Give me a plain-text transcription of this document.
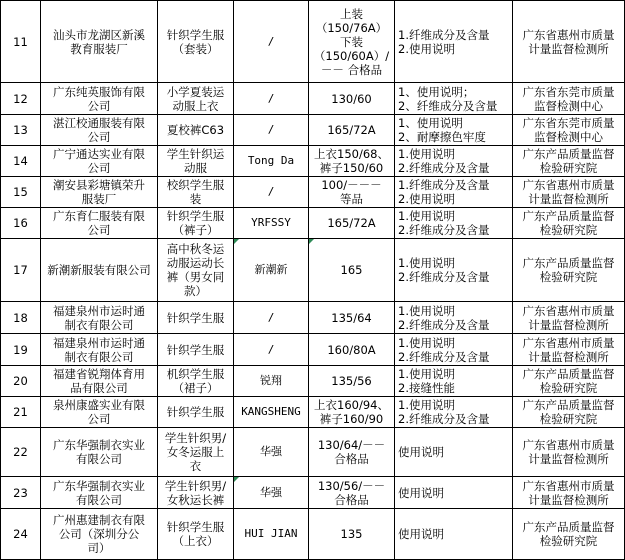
11	汕头市龙湖区新溪
教育服装厂	针织学生服
（套装）	/	上装
（150/76A）
下装
（150/60A）/
－－ 合格品	1.纤维成分及含量
2.使用说明	广东省惠州市质量
计量监督检测所
12	广东纯英服饰有限
公司	小学夏装运
动服上衣	/	130/60	1、使用说明；
2、纤维成分及含量	广东省东莞市质量
监督检测中心
13	湛江校通服装有限
公司	夏校裤C63	/	165/72A	1、使用说明
2、耐摩擦色牢度	广东省东莞市质量
监督检测中心
14	广宁通达实业有限
公司	学生针织运
动服	Tong Da	上衣150/68、
裤子150/60	1.使用说明
2.纤维成分及含量	广东产品质量监督
检验研究院
15	潮安县彩塘镇荣升
服装厂	校织学生服
装	/	100/－－－
等品	1.纤维成分及含量
2.使用说明	广东省惠州市质量
计量监督检测所
16	广东育仁服装有限
公司	针织学生服
（裤子）	YRFSSY	165/72A	1.使用说明
2.纤维成分及含量	广东产品质量监督
检验研究院
17	新潮新服装有限公司	高中秋冬运
动服运动长
裤（男女同
款）	新潮新	165	1.使用说明
2.纤维成分及含量	广东产品质量监督
检验研究院
18	福建泉州市运时通
制衣有限公司	针织学生服	/	135/64	1.使用说明
2.纤维成分及含量	广东省惠州市质量
计量监督检测所
19	福建泉州市运时通
制衣有限公司	针织学生服	/	160/80A	1.使用说明
2.纤维成分及含量	广东省惠州市质量
计量监督检测所
20	福建省锐翔体育用
品有限公司	机织学生服
（裙子）	锐翔	135/56	1.使用说明
2.接缝性能	广东产品质量监督
检验研究院
21	泉州康盛实业有限
公司	针织学生服	KANGSHENG	上衣160/94、
裤子160/90	1.使用说明
2.纤维成分及含量	广东产品质量监督
检验研究院
22	广东华强制衣实业
有限公司	学生针织男/
女冬运服上
衣	华强	130/64/－－
合格品	使用说明	广东省惠州市质量
计量监督检测所
23	广东华强制衣实业
有限公司	学生针织男/
女秋运长裤	华强	130/56/－－
合格品	使用说明	广东省惠州市质量
计量监督检测所
24	广州惠建制衣有限
公司（深圳分公
司）	针织学生服
（上衣）	HUI JIAN	135	使用说明	广东产品质量监督
检验研究院
